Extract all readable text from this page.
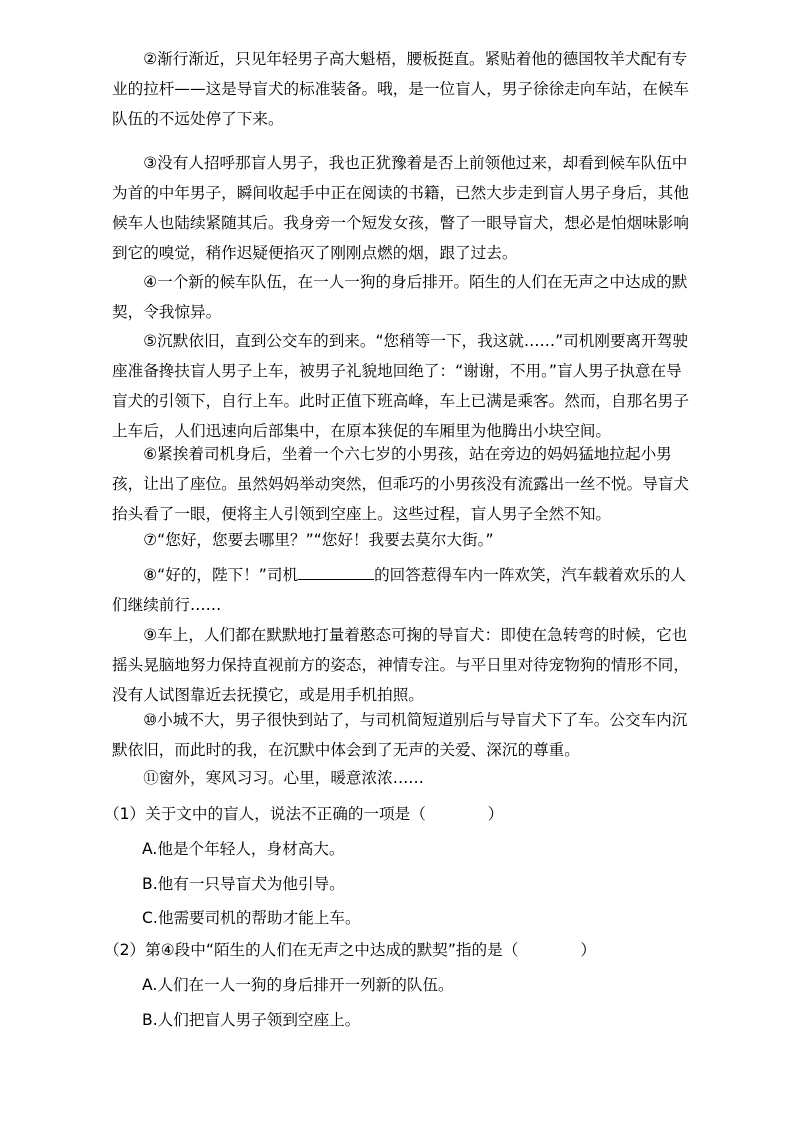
②渐行渐近，只见年轻男子高大魁梧，腰板挺直。紧贴着他的德国牧羊犬配有专业的拉杆——这是导盲犬的标准装备。哦，是一位盲人，男子徐徐走向车站，在候车队伍的不远处停了下来。

③没有人招呼那盲人男子，我也正犹豫着是否上前领他过来，却看到候车队伍中为首的中年男子，瞬间收起手中正在阅读的书籍，已然大步走到盲人男子身后，其他候车人也陆续紧随其后。我身旁一个短发女孩，瞥了一眼导盲犬，想必是怕烟味影响到它的嗅觉，稍作迟疑便掐灭了刚刚点燃的烟，跟了过去。

④一个新的候车队伍，在一人一狗的身后排开。陌生的人们在无声之中达成的默契，令我惊异。

⑤沉默依旧，直到公交车的到来。“您稍等一下，我这就……”司机刚要离开驾驶座准备搀扶盲人男子上车，被男子礼貌地回绝了：“谢谢，不用。”盲人男子执意在导盲犬的引领下，自行上车。此时正值下班高峰，车上已满是乘客。然而，自那名男子上车后，人们迅速向后部集中，在原本狭促的车厢里为他腾出小块空间。

⑥紧挨着司机身后，坐着一个六七岁的小男孩，站在旁边的妈妈猛地拉起小男孩，让出了座位。虽然妈妈举动突然，但乖巧的小男孩没有流露出一丝不悦。导盲犬抬头看了一眼，便将主人引领到空座上。这些过程，盲人男子全然不知。

⑦“您好，您要去哪里？”“您好！我要去莫尔大街。”

⑧“好的，陛下！”司机	的回答惹得车内一阵欢笑，汽车载着欢乐的人们继续前行……

⑨车上，人们都在默默地打量着憨态可掬的导盲犬：即使在急转弯的时候，它也摇头晃脑地努力保持直视前方的姿态，神情专注。与平日里对待宠物狗的情形不同，没有人试图靠近去抚摸它，或是用手机拍照。

⑩小城不大，男子很快到站了，与司机简短道别后与导盲犬下了车。公交车内沉默依旧，而此时的我，在沉默中体会到了无声的关爱、深沉的尊重。

⑪窗外，寒风习习。心里，暖意浓浓……

（1）关于文中的盲人，说法不正确的一项是（	）

A.他是个年轻人，身材高大。

B.他有一只导盲犬为他引导。

C.他需要司机的帮助才能上车。

（2）第④段中“陌生的人们在无声之中达成的默契”指的是（	）

A.人们在一人一狗的身后排开一列新的队伍。

B.人们把盲人男子领到空座上。
